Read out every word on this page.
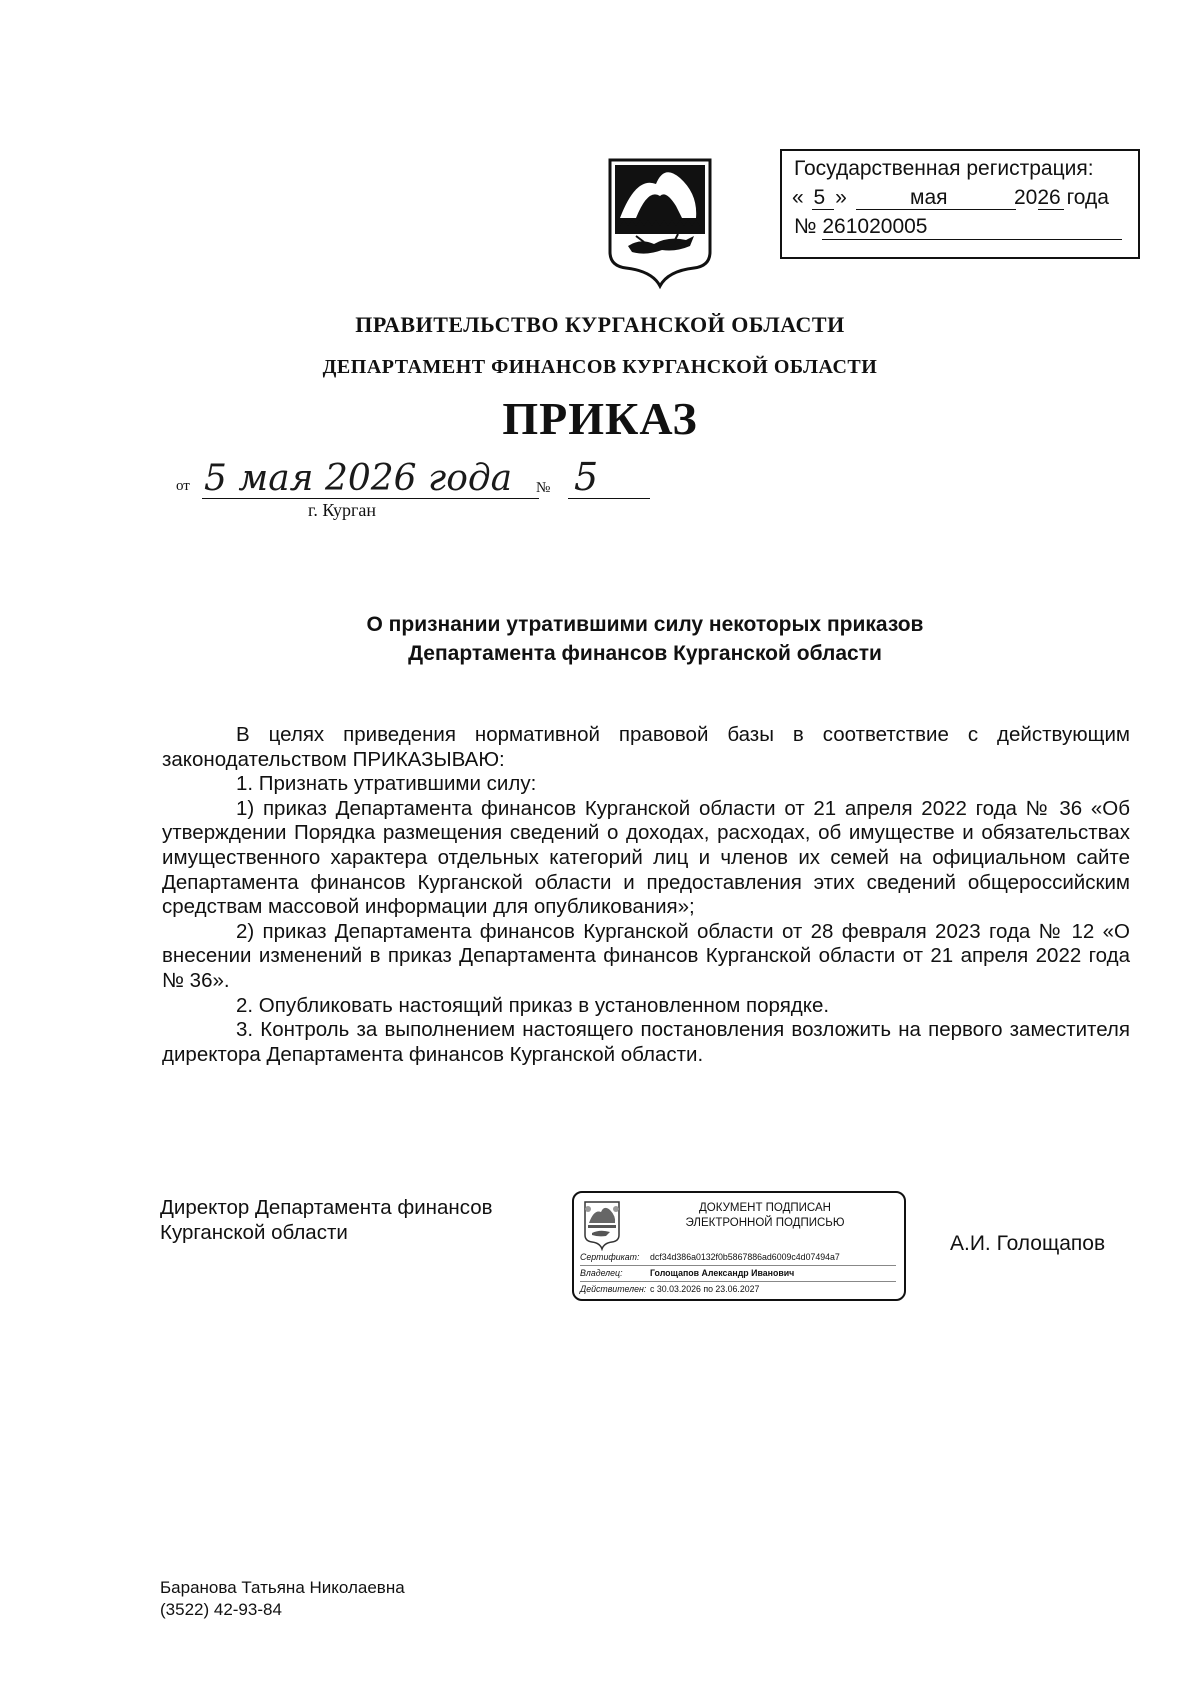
Государственная регистрация:
« 5 »	мая	2026 года
№ 261020005
ПРАВИТЕЛЬСТВО КУРГАНСКОЙ ОБЛАСТИ
ДЕПАРТАМЕНТ ФИНАНСОВ КУРГАНСКОЙ ОБЛАСТИ
ПРИКАЗ
от 5 мая 2026 года № 5
г. Курган
О признании утратившими силу некоторых приказов
Департамента финансов Курганской области

В целях приведения нормативной правовой базы в соответствие с действующим законодательством ПРИКАЗЫВАЮ:

1. Признать утратившими силу:

1) приказ Департамента финансов Курганской области от 21 апреля 2022 года № 36 «Об утверждении Порядка размещения сведений о доходах, расходах, об имуществе и обязательствах имущественного характера отдельных категорий лиц и членов их семей на официальном сайте Департамента финансов Курганской области и предоставления этих сведений общероссийским средствам массовой информации для опубликования»;

2) приказ Департамента финансов Курганской области от 28 февраля 2023 года № 12 «О внесении изменений в приказ Департамента финансов Курганской области от 21 апреля 2022 года № 36».

2. Опубликовать настоящий приказ в установленном порядке.

3. Контроль за выполнением настоящего постановления возложить на первого заместителя директора Департамента финансов Курганской области.

Директор Департамента финансов
Курганской области
ДОКУМЕНТ ПОДПИСАН
ЭЛЕКТРОННОЙ ПОДПИСЬЮ
Сертификат: dcf34d386a0132f0b5867886ad6009c4d07494a7
Владелец:	Голощапов Александр Иванович
Действителен: с 30.03.2026 по 23.06.2027
А.И. Голощапов
Баранова Татьяна Николаевна
(3522) 42-93-84
